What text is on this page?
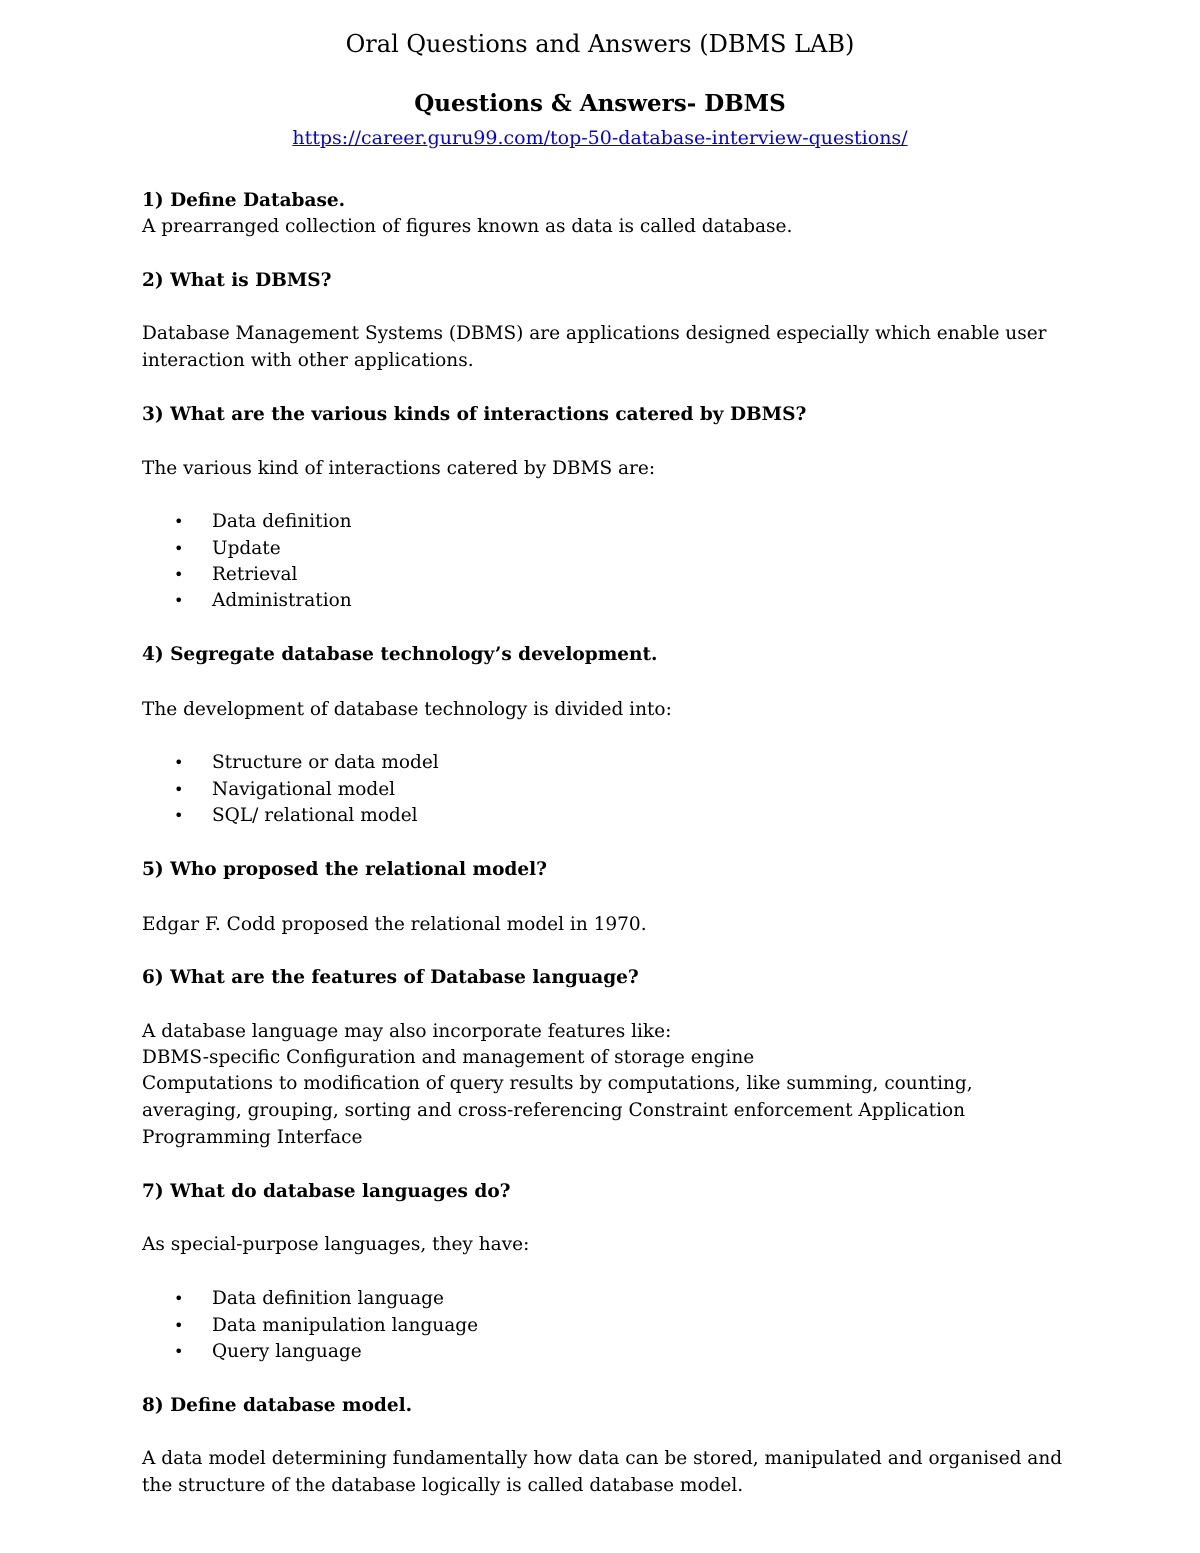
Oral Questions and Answers (DBMS LAB)
Questions & Answers- DBMS
https://career.guru99.com/top-50-database-interview-questions/
1) Define Database.
A prearranged collection of figures known as data is called database.
2) What is DBMS?
Database Management Systems (DBMS) are applications designed especially which enable user
interaction with other applications.
3) What are the various kinds of interactions catered by DBMS?
The various kind of interactions catered by DBMS are:
• Data definition
• Update
• Retrieval
• Administration
4) Segregate database technology’s development.
The development of database technology is divided into:
• Structure or data model
• Navigational model
• SQL/ relational model
5) Who proposed the relational model?
Edgar F. Codd proposed the relational model in 1970.
6) What are the features of Database language?
A database language may also incorporate features like:
DBMS-specific Configuration and management of storage engine
Computations to modification of query results by computations, like summing, counting,
averaging, grouping, sorting and cross-referencing Constraint enforcement Application
Programming Interface
7) What do database languages do?
As special-purpose languages, they have:
• Data definition language
• Data manipulation language
• Query language
8) Define database model.
A data model determining fundamentally how data can be stored, manipulated and organised and
the structure of the database logically is called database model.
